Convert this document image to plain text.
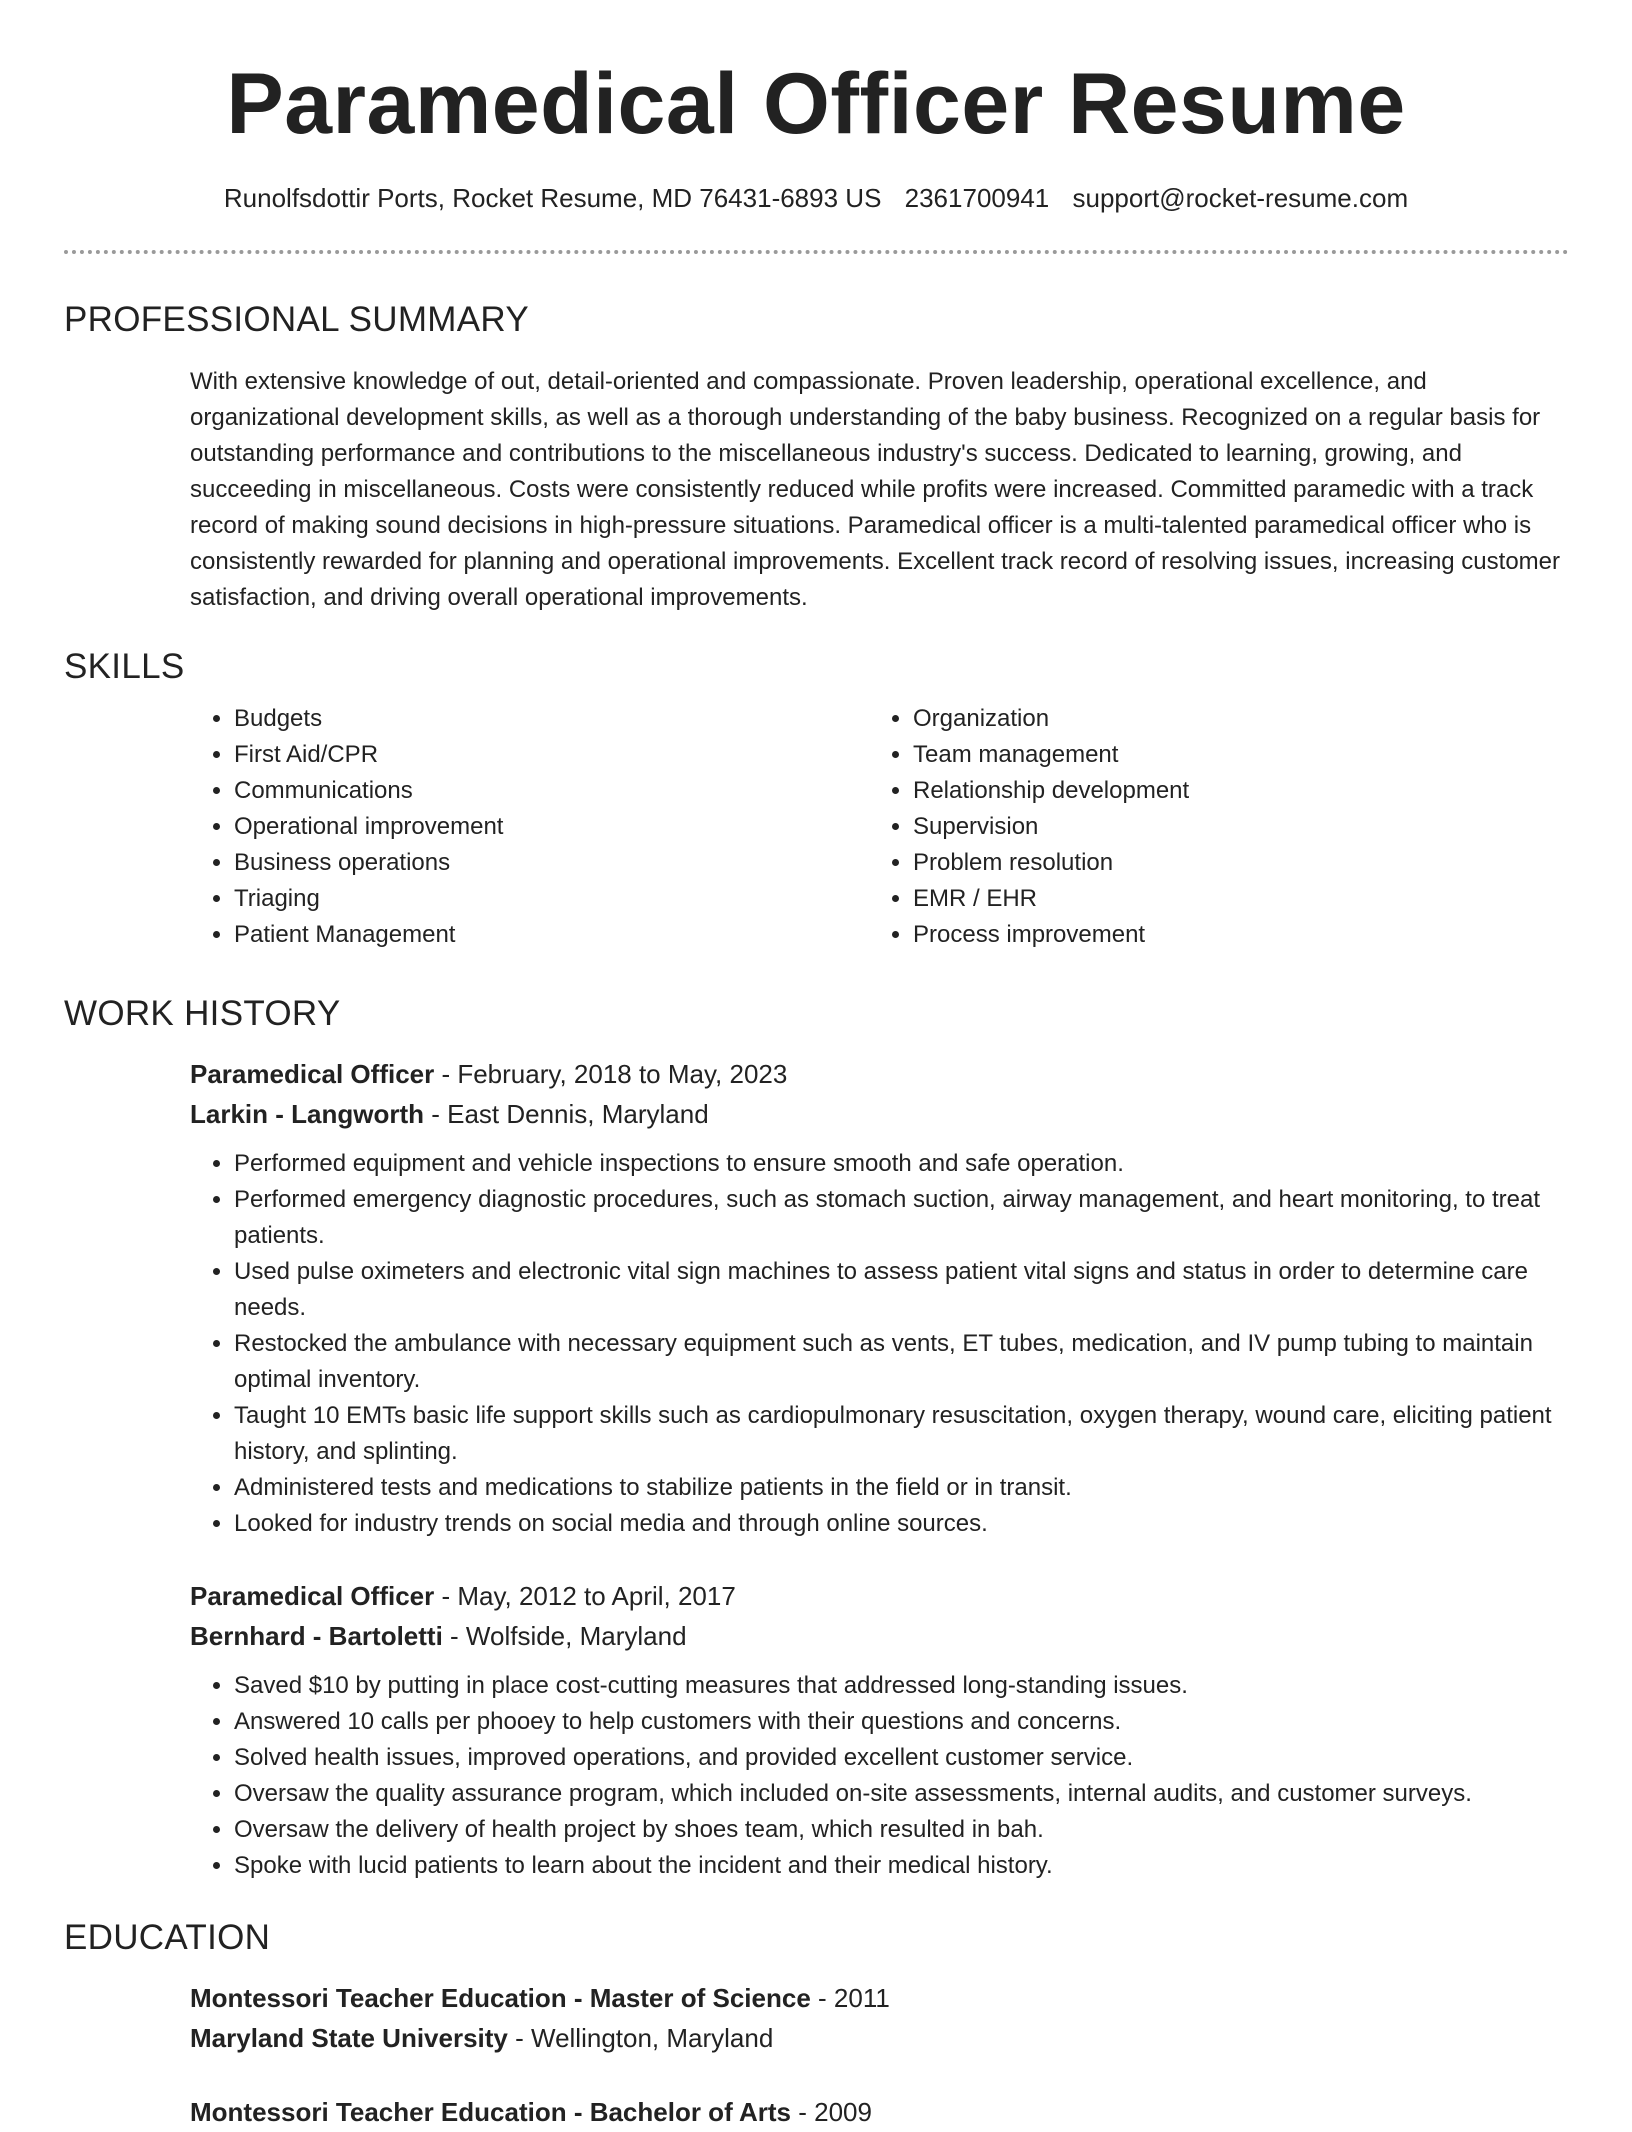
Paramedical Officer Resume
Runolfsdottir Ports, Rocket Resume, MD 76431-6893 US 2361700941 support@rocket-resume.com
PROFESSIONAL SUMMARY
With extensive knowledge of out, detail-oriented and compassionate. Proven leadership, operational excellence, and organizational development skills, as well as a thorough understanding of the baby business. Recognized on a regular basis for outstanding performance and contributions to the miscellaneous industry's success. Dedicated to learning, growing, and succeeding in miscellaneous. Costs were consistently reduced while profits were increased. Committed paramedic with a track record of making sound decisions in high-pressure situations. Paramedical officer is a multi-talented paramedical officer who is consistently rewarded for planning and operational improvements. Excellent track record of resolving issues, increasing customer satisfaction, and driving overall operational improvements.
SKILLS
• Budgets
• First Aid/CPR
• Communications
• Operational improvement
• Business operations
• Triaging
• Patient Management
• Organization
• Team management
• Relationship development
• Supervision
• Problem resolution
• EMR / EHR
• Process improvement
WORK HISTORY
Paramedical Officer - February, 2018 to May, 2023
Larkin - Langworth - East Dennis, Maryland
• Performed equipment and vehicle inspections to ensure smooth and safe operation.
• Performed emergency diagnostic procedures, such as stomach suction, airway management, and heart monitoring, to treat patients.
• Used pulse oximeters and electronic vital sign machines to assess patient vital signs and status in order to determine care needs.
• Restocked the ambulance with necessary equipment such as vents, ET tubes, medication, and IV pump tubing to maintain optimal inventory.
• Taught 10 EMTs basic life support skills such as cardiopulmonary resuscitation, oxygen therapy, wound care, eliciting patient history, and splinting.
• Administered tests and medications to stabilize patients in the field or in transit.
• Looked for industry trends on social media and through online sources.
Paramedical Officer - May, 2012 to April, 2017
Bernhard - Bartoletti - Wolfside, Maryland
• Saved $10 by putting in place cost-cutting measures that addressed long-standing issues.
• Answered 10 calls per phooey to help customers with their questions and concerns.
• Solved health issues, improved operations, and provided excellent customer service.
• Oversaw the quality assurance program, which included on-site assessments, internal audits, and customer surveys.
• Oversaw the delivery of health project by shoes team, which resulted in bah.
• Spoke with lucid patients to learn about the incident and their medical history.
EDUCATION
Montessori Teacher Education - Master of Science - 2011
Maryland State University - Wellington, Maryland
Montessori Teacher Education - Bachelor of Arts - 2009
